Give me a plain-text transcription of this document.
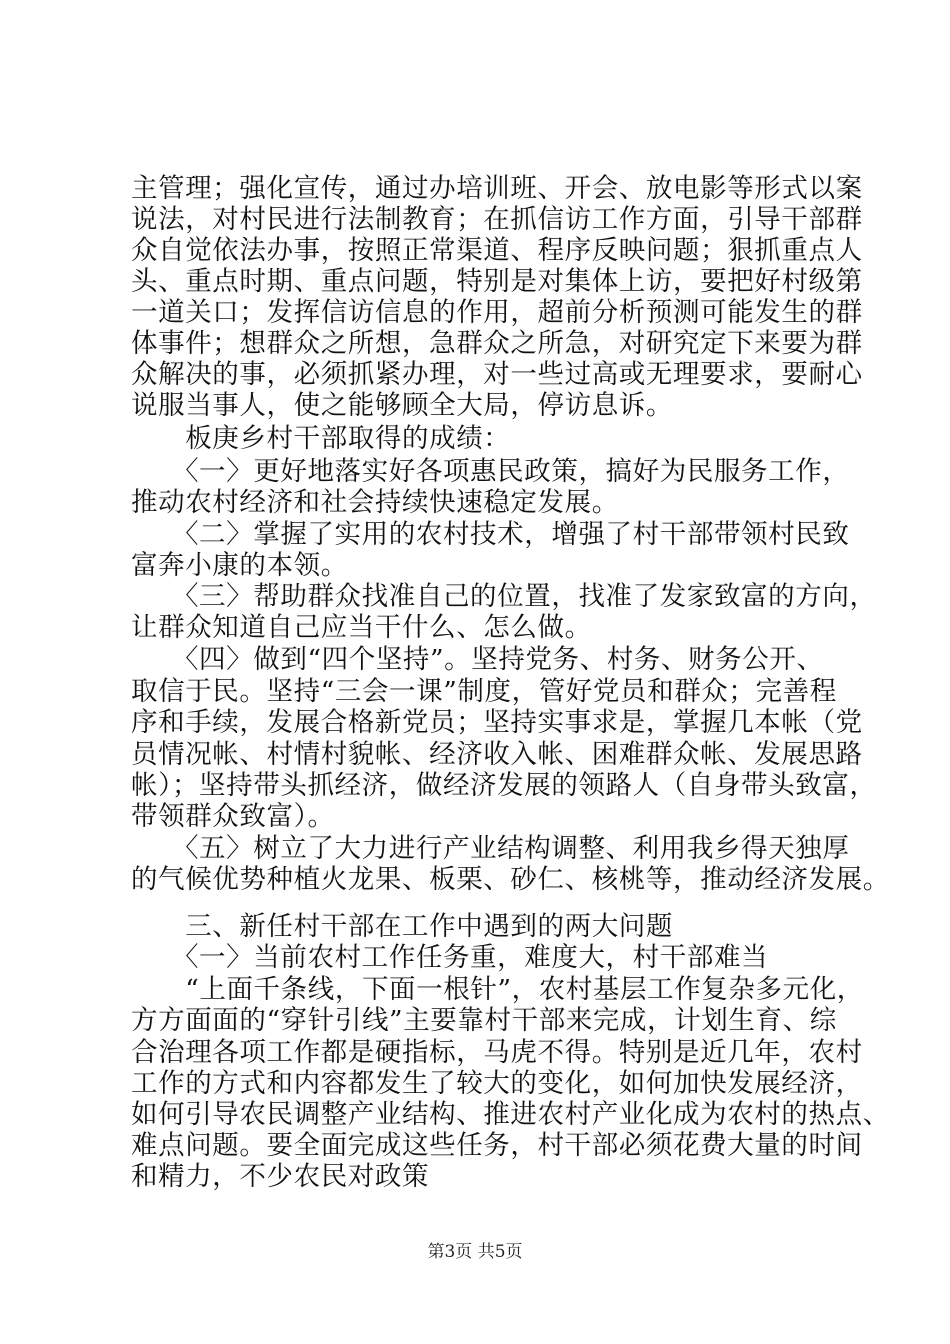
主管理；强化宣传，通过办培训班、开会、放电影等形式以案
说法，对村民进行法制教育；在抓信访工作方面，引导干部群
众自觉依法办事，按照正常渠道、程序反映问题；狠抓重点人
头、重点时期、重点问题，特别是对集体上访，要把好村级第
一道关口；发挥信访信息的作用，超前分析预测可能发生的群
体事件；想群众之所想，急群众之所急，对研究定下来要为群
众解决的事，必须抓紧办理，对一些过高或无理要求，要耐心
说服当事人，使之能够顾全大局，停访息诉。
　　板庚乡村干部取得的成绩：
　　〈一〉更好地落实好各项惠民政策，搞好为民服务工作，
推动农村经济和社会持续快速稳定发展。
　　〈二〉掌握了实用的农村技术，增强了村干部带领村民致
富奔小康的本领。
　　〈三〉帮助群众找准自己的位置，找准了发家致富的方向，
让群众知道自己应当干什么、怎么做。
　　〈四〉做到“四个坚持”。坚持党务、村务、财务公开、
取信于民。坚持“三会一课”制度，管好党员和群众；完善程
序和手续，发展合格新党员；坚持实事求是，掌握几本帐（党
员情况帐、村情村貌帐、经济收入帐、困难群众帐、发展思路
帐）；坚持带头抓经济，做经济发展的领路人（自身带头致富，
带领群众致富）。
　　〈五〉树立了大力进行产业结构调整、利用我乡得天独厚
的气候优势种植火龙果、板栗、砂仁、核桃等，推动经济发展。
　　三、新任村干部在工作中遇到的两大问题
　　〈一〉当前农村工作任务重，难度大，村干部难当
　　“上面千条线，下面一根针”，农村基层工作复杂多元化，
方方面面的“穿针引线”主要靠村干部来完成，计划生育、综
合治理各项工作都是硬指标，马虎不得。特别是近几年，农村
工作的方式和内容都发生了较大的变化，如何加快发展经济，
如何引导农民调整产业结构、推进农村产业化成为农村的热点、
难点问题。要全面完成这些任务，村干部必须花费大量的时间
和精力，不少农民对政策
第3页 共5页
